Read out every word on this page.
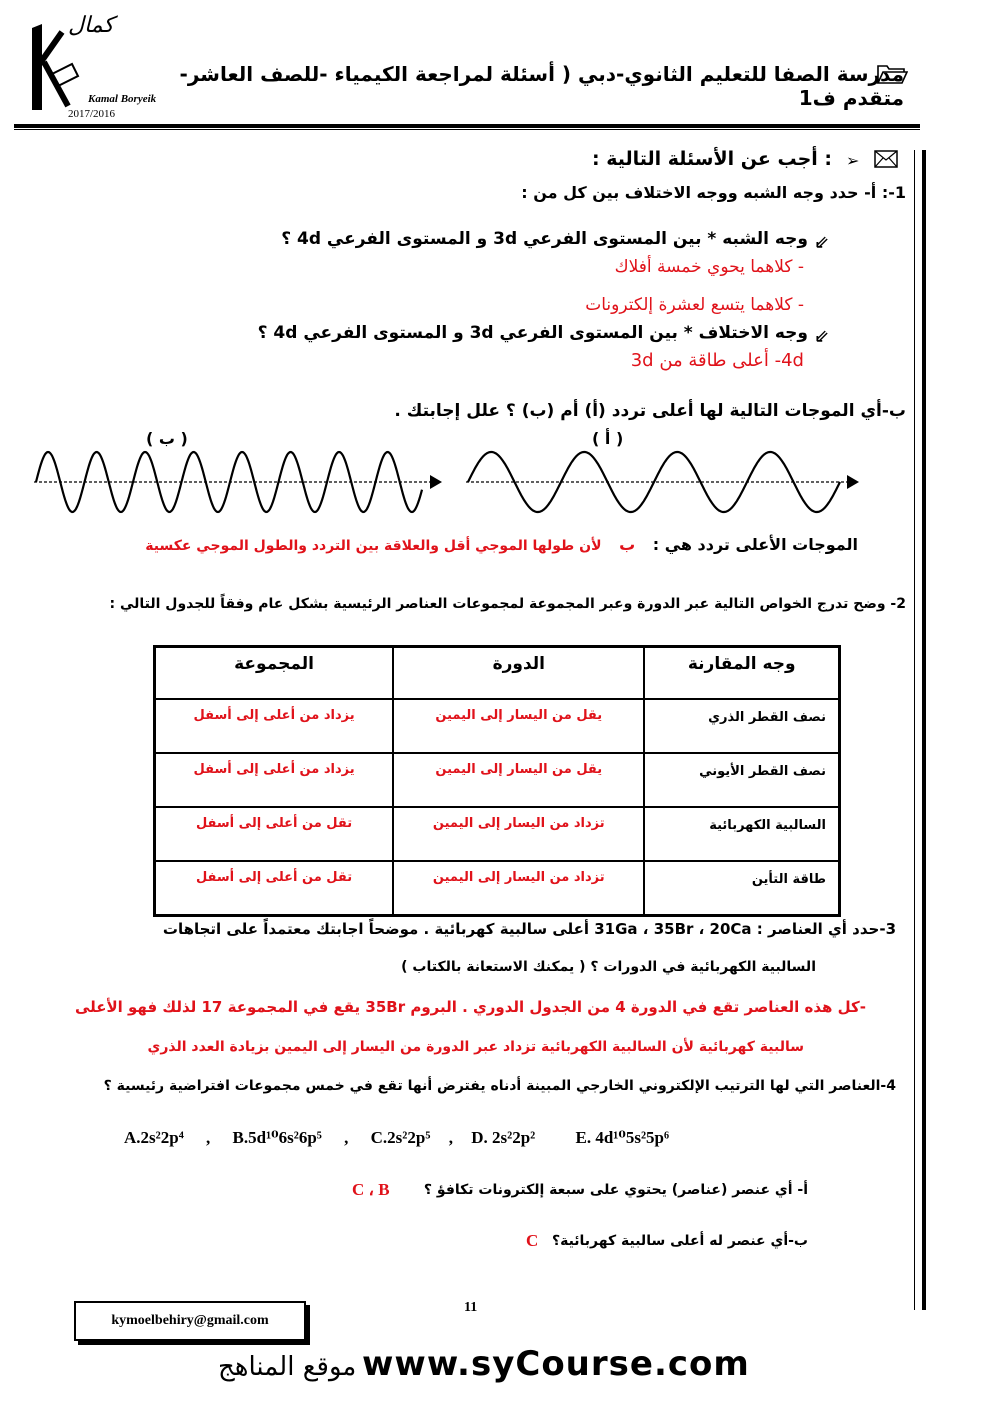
كمال
Kamal Boryeik
2017/2016
مدرسة الصفا للتعليم الثانوي-دبي ( أسئلة لمراجعة الكيمياء -للصف العاشر-متقدم ف1
➢
: أجب عن الأسئلة التالية :
1-: أ- حدد وجه الشبه ووجه الاختلاف بين كل من :
⇙
وجه الشبه * بين المستوى الفرعي 3d و المستوى الفرعي 4d ؟
- كلاهما يحوي خمسة أفلاك
- كلاهما يتسع لعشرة إلكترونات
⇙
وجه الاختلاف * بين المستوى الفرعي 3d و المستوى الفرعي 4d ؟
4d- أعلى طاقة من 3d
ب-أي الموجات التالية لها أعلى تردد (أ) أم (ب) ؟ علل إجابتك .
( ب )	( أ )
الموجات الأعلى تردد هي : ب لأن طولها الموجي أقل والعلاقة بين التردد والطول الموجي عكسية
2- وضح تدرج الخواص التالية عبر الدورة وعبر المجموعة لمجموعات العناصر الرئيسية بشكل عام وفقاً للجدول التالي :
وجه المقارنة	الدورة	المجموعة
نصف القطر الذري	يقل من اليسار إلى اليمين	يزداد من أعلى إلى أسفل
نصف القطر الأيوني	يقل من اليسار إلى اليمين	يزداد من أعلى إلى أسفل
السالبية الكهربائية	تزداد من اليسار إلى اليمين	تقل من أعلى إلى أسفل
طاقة التأين	تزداد من اليسار إلى اليمين	تقل من أعلى إلى أسفل
3-حدد أي العناصر : 31Ga ، 35Br ، 20Ca أعلى سالبية كهربائية . موضحاً اجابتك معتمداً على اتجاهات
السالبية الكهربائية في الدورات ؟ ( يمكنك الاستعانة بالكتاب )
-كل هذه العناصر تقع في الدورة 4 من الجدول الدوري . البروم 35Br يقع في المجموعة 17 لذلك فهو الأعلى
سالبية كهربائية لأن السالبية الكهربائية تزداد عبر الدورة من اليسار إلى اليمين بزيادة العدد الذري
4-العناصر التي لها الترتيب الإلكتروني الخارجي المبينة أدناه يفترض أنها تقع في خمس مجموعات افتراضية رئيسية ؟
A.2s²2p⁴ , B.5d¹⁰6s²6p⁵ , C.2s²2p⁵ , D. 2s²2p² E. 4d¹⁰5s²5p⁶
أ- أي عنصر (عناصر) يحتوي على سبعة إلكترونات تكافؤ ؟
C ، B
ب-أي عنصر له أعلى سالبية كهربائية؟
C
kymoelbehiry@gmail.com
11
www.syCourse.com
موقع المناهج
